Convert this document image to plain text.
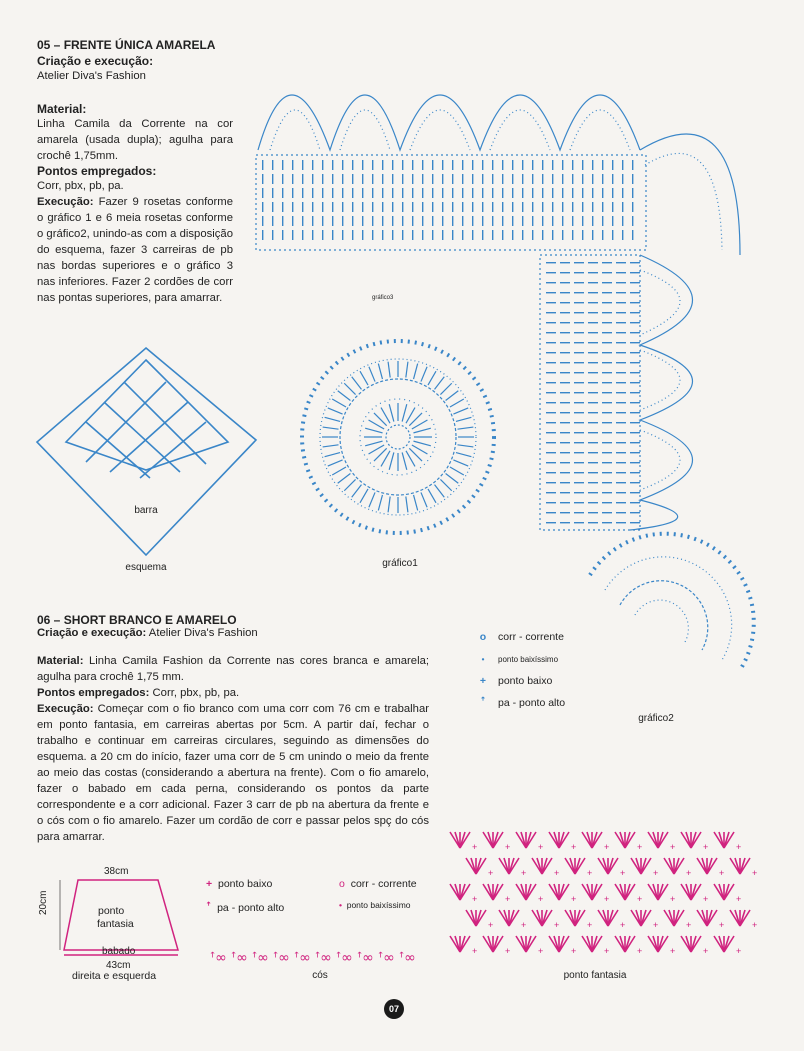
05 – FRENTE ÚNICA AMARELA
Criação e execução:
Atelier Diva's Fashion
Material:
Linha Camila da Corrente na cor amarela (usada dupla); agulha para crochê 1,75mm.
Pontos empregados:
Corr, pbx, pb, pa.
Execução: Fazer 9 rosetas conforme o gráfico 1 e 6 meia rosetas conforme o gráfico2, unindo-as com a disposição do esquema, fazer 3 carreiras de pb nas bordas superiores e o gráfico 3 nas inferiores. Fazer 2 cordões de corr nas pontas superiores, para amarrar.
barra
esquema
gráfico3
gráfico1
gráfico2
o	corr - corrente
•	ponto baixíssimo
+	ponto baixo
ꜛ	pa - ponto alto
06 – SHORT BRANCO E AMARELO
Criação e execução: Atelier Diva's Fashion
Material: Linha Camila Fashion da Corrente nas cores branca e amarela; agulha para crochê 1,75 mm.
Pontos empregados: Corr, pbx, pb, pa.
Execução: Começar com o fio branco com uma corr com 76 cm e trabalhar em ponto fantasia, em carreiras abertas por 5cm. A partir daí, fechar o trabalho e continuar em carreiras circulares, seguindo as dimensões do esquema. a 20 cm do início, fazer uma corr de 5 cm unindo o meio da frente ao meio das costas (considerando a abertura na frente). Com o fio amarelo, fazer o babado em cada perna, considerando os pontos da parte correspondente e a corr adicional. Fazer 3 carr de pb na abertura da frente e o cós com o fio amarelo. Fazer um cordão de corr e passar pelos spç do cós para amarrar.
38cm
20cm	ponto
fantasia
babado
43cm
direita e esquerda
+ ponto baixo
ꜛ pa - ponto alto
o corr - corrente
• ponto baixíssimo
ꜛ∞ ꜛ∞ ꜛ∞ ꜛ∞ ꜛ∞ ꜛ∞ ꜛ∞ ꜛ∞ ꜛ∞ ꜛ∞
cós
+	+	+	+	+	+	+	+	+
+	+	+	+	+	+	+	+	+
+	+	+	+	+	+	+	+	+
+	+	+	+	+	+	+	+	+
+	+	+	+	+	+	+	+	+
ponto fantasia
07
